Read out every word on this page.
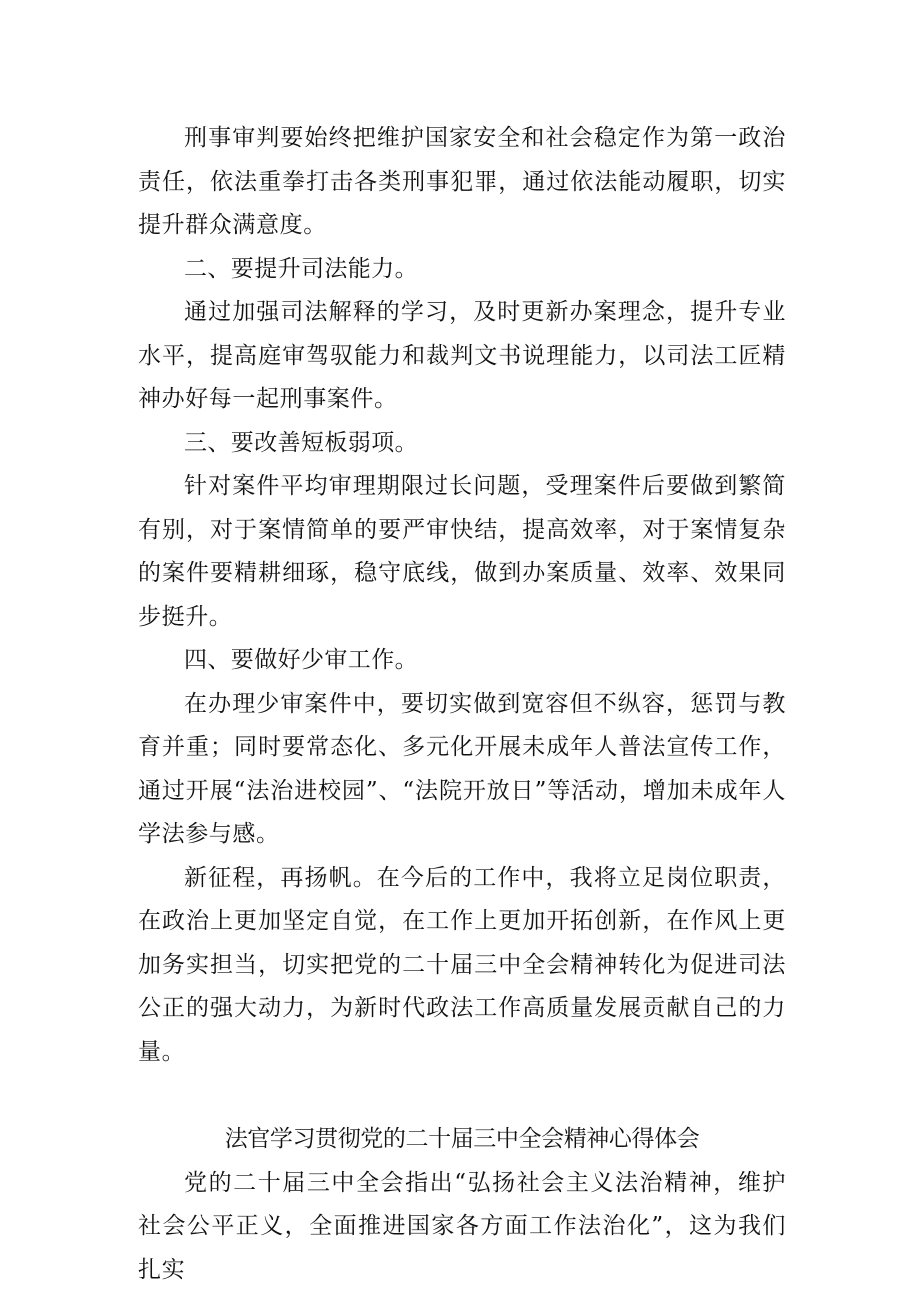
刑事审判要始终把维护国家安全和社会稳定作为第一政治责任，依法重拳打击各类刑事犯罪，通过依法能动履职，切实提升群众满意度。

二、要提升司法能力。

通过加强司法解释的学习，及时更新办案理念，提升专业水平，提高庭审驾驭能力和裁判文书说理能力，以司法工匠精神办好每一起刑事案件。

三、要改善短板弱项。

针对案件平均审理期限过长问题，受理案件后要做到繁简有别，对于案情简单的要严审快结，提高效率，对于案情复杂的案件要精耕细琢，稳守底线，做到办案质量、效率、效果同步挺升。

四、要做好少审工作。

在办理少审案件中，要切实做到宽容但不纵容，惩罚与教育并重；同时要常态化、多元化开展未成年人普法宣传工作，通过开展“法治进校园”、“法院开放日”等活动，增加未成年人学法参与感。

新征程，再扬帆。在今后的工作中，我将立足岗位职责，在政治上更加坚定自觉，在工作上更加开拓创新，在作风上更加务实担当，切实把党的二十届三中全会精神转化为促进司法公正的强大动力，为新时代政法工作高质量发展贡献自己的力量。

法官学习贯彻党的二十届三中全会精神心得体会

党的二十届三中全会指出“弘扬社会主义法治精神，维护社会公平正义，全面推进国家各方面工作法治化”，这为我们扎实
